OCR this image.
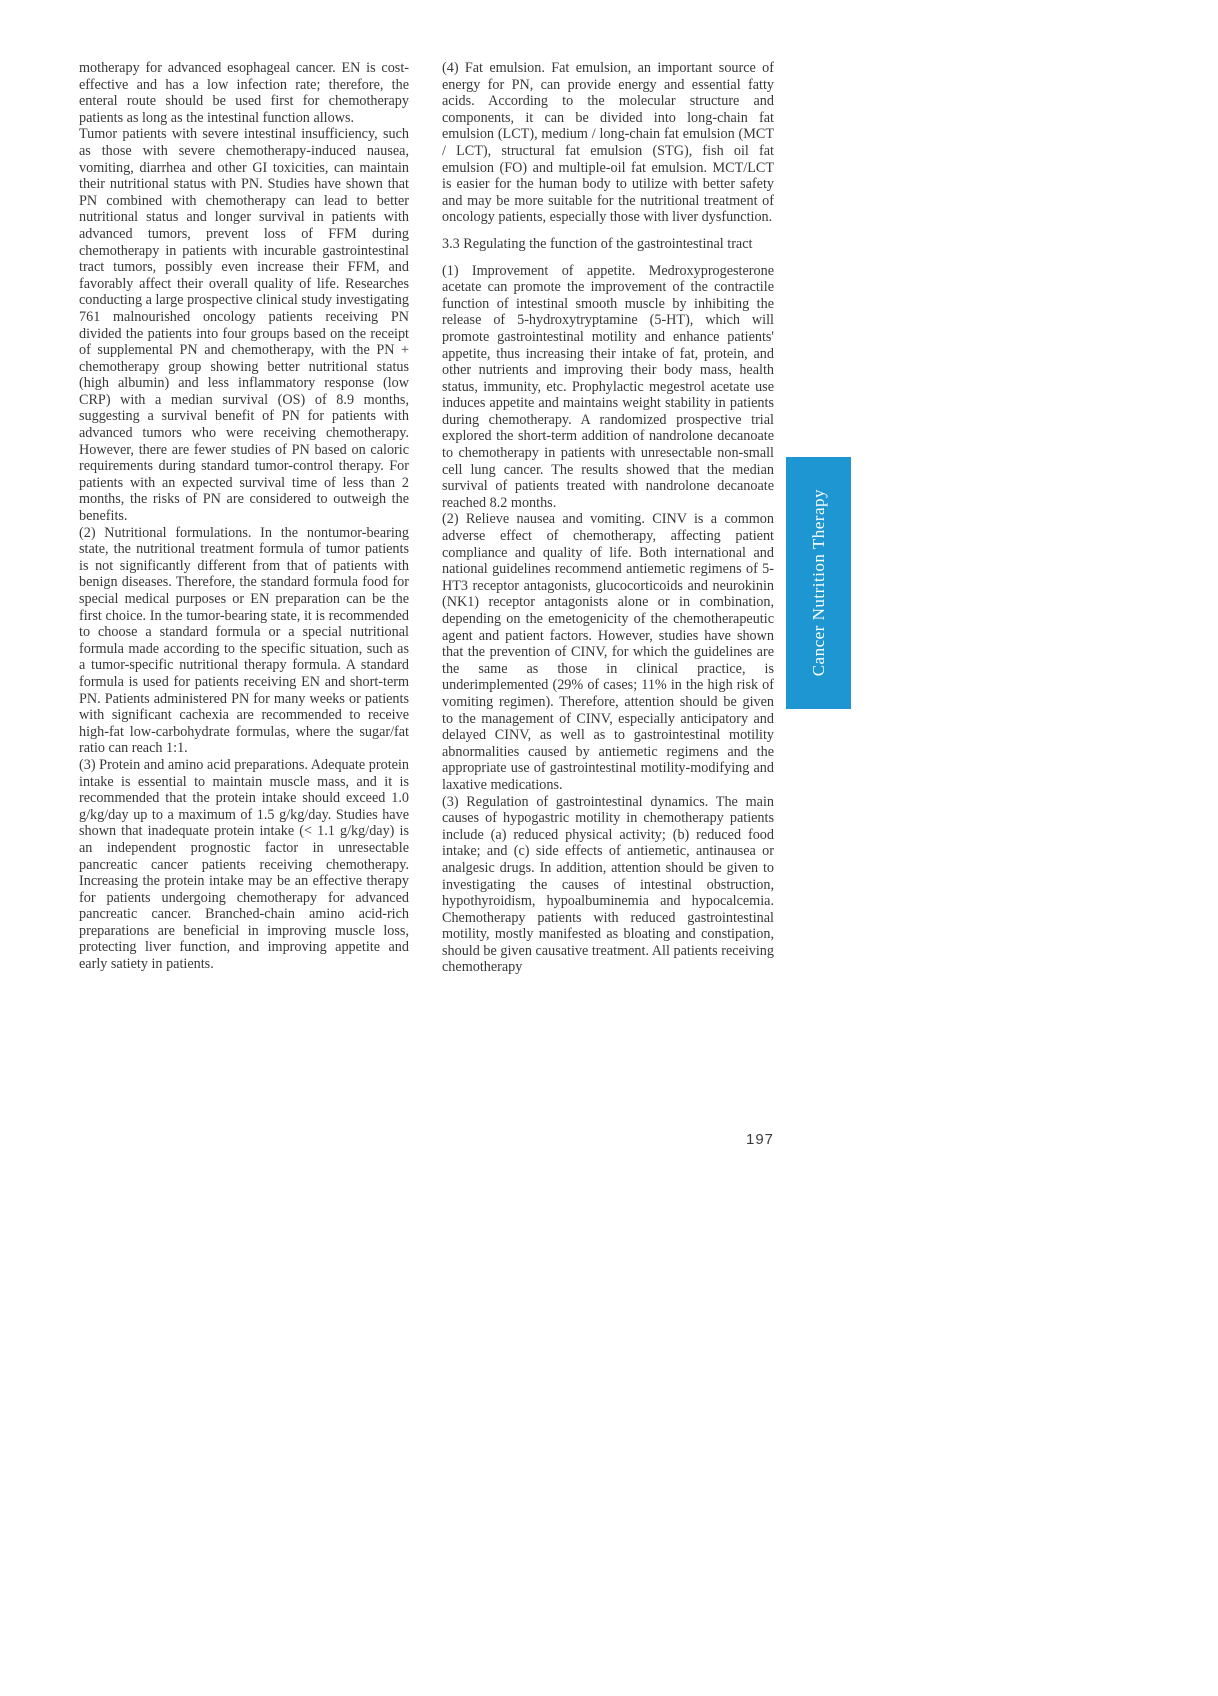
motherapy for advanced esophageal cancer. EN is cost-effective and has a low infection rate; therefore, the enteral route should be used first for chemotherapy patients as long as the intestinal function allows.

Tumor patients with severe intestinal insufficiency, such as those with severe chemotherapy-induced nausea, vomiting, diarrhea and other GI toxicities, can maintain their nutritional status with PN. Studies have shown that PN combined with chemotherapy can lead to better nutritional status and longer survival in patients with advanced tumors, prevent loss of FFM during chemotherapy in patients with incurable gastrointestinal tract tumors, possibly even increase their FFM, and favorably affect their overall quality of life. Researches conducting a large prospective clinical study investigating 761 malnourished oncology patients receiving PN divided the patients into four groups based on the receipt of supplemental PN and chemotherapy, with the PN + chemotherapy group showing better nutritional status (high albumin) and less inflammatory response (low CRP) with a median survival (OS) of 8.9 months, suggesting a survival benefit of PN for patients with advanced tumors who were receiving chemotherapy. However, there are fewer studies of PN based on caloric requirements during standard tumor-control therapy. For patients with an expected survival time of less than 2 months, the risks of PN are considered to outweigh the benefits.

(2) Nutritional formulations. In the nontumor-bearing state, the nutritional treatment formula of tumor patients is not significantly different from that of patients with benign diseases. Therefore, the standard formula food for special medical purposes or EN preparation can be the first choice. In the tumor-bearing state, it is recommended to choose a standard formula or a special nutritional formula made according to the specific situation, such as a tumor-specific nutritional therapy formula. A standard formula is used for patients receiving EN and short-term PN. Patients administered PN for many weeks or patients with significant cachexia are recommended to receive high-fat low-carbohydrate formulas, where the sugar/fat ratio can reach 1:1.

(3) Protein and amino acid preparations. Adequate protein intake is essential to maintain muscle mass, and it is recommended that the protein intake should exceed 1.0 g/kg/day up to a maximum of 1.5 g/kg/day. Studies have shown that inadequate protein intake (< 1.1 g/kg/day) is an independent prognostic factor in unresectable pancreatic cancer patients receiving chemotherapy. Increasing the protein intake may be an effective therapy for patients undergoing chemotherapy for advanced pancreatic cancer. Branched-chain amino acid-rich preparations are beneficial in improving muscle loss, protecting liver function, and improving appetite and early satiety in patients.

(4) Fat emulsion. Fat emulsion, an important source of energy for PN, can provide energy and essential fatty acids. According to the molecular structure and components, it can be divided into long-chain fat emulsion (LCT), medium / long-chain fat emulsion (MCT / LCT), structural fat emulsion (STG), fish oil fat emulsion (FO) and multiple-oil fat emulsion. MCT/LCT is easier for the human body to utilize with better safety and may be more suitable for the nutritional treatment of oncology patients, especially those with liver dysfunction.

3.3 Regulating the function of the gastrointestinal tract

(1) Improvement of appetite. Medroxyprogesterone acetate can promote the improvement of the contractile function of intestinal smooth muscle by inhibiting the release of 5-hydroxytryptamine (5-HT), which will promote gastrointestinal motility and enhance patients' appetite, thus increasing their intake of fat, protein, and other nutrients and improving their body mass, health status, immunity, etc. Prophylactic megestrol acetate use induces appetite and maintains weight stability in patients during chemotherapy. A randomized prospective trial explored the short-term addition of nandrolone decanoate to chemotherapy in patients with unresectable non-small cell lung cancer. The results showed that the median survival of patients treated with nandrolone decanoate reached 8.2 months.

(2) Relieve nausea and vomiting. CINV is a common adverse effect of chemotherapy, affecting patient compliance and quality of life. Both international and national guidelines recommend antiemetic regimens of 5-HT3 receptor antagonists, glucocorticoids and neurokinin (NK1) receptor antagonists alone or in combination, depending on the emetogenicity of the chemotherapeutic agent and patient factors. However, studies have shown that the prevention of CINV, for which the guidelines are the same as those in clinical practice, is underimplemented (29% of cases; 11% in the high risk of vomiting regimen). Therefore, attention should be given to the management of CINV, especially anticipatory and delayed CINV, as well as to gastrointestinal motility abnormalities caused by antiemetic regimens and the appropriate use of gastrointestinal motility-modifying and laxative medications.

(3) Regulation of gastrointestinal dynamics. The main causes of hypogastric motility in chemotherapy patients include (a) reduced physical activity; (b) reduced food intake; and (c) side effects of antiemetic, antinausea or analgesic drugs. In addition, attention should be given to investigating the causes of intestinal obstruction, hypothyroidism, hypoalbuminemia and hypocalcemia. Chemotherapy patients with reduced gastrointestinal motility, mostly manifested as bloating and constipation, should be given causative treatment. All patients receiving chemotherapy

197
Cancer Nutrition Therapy
